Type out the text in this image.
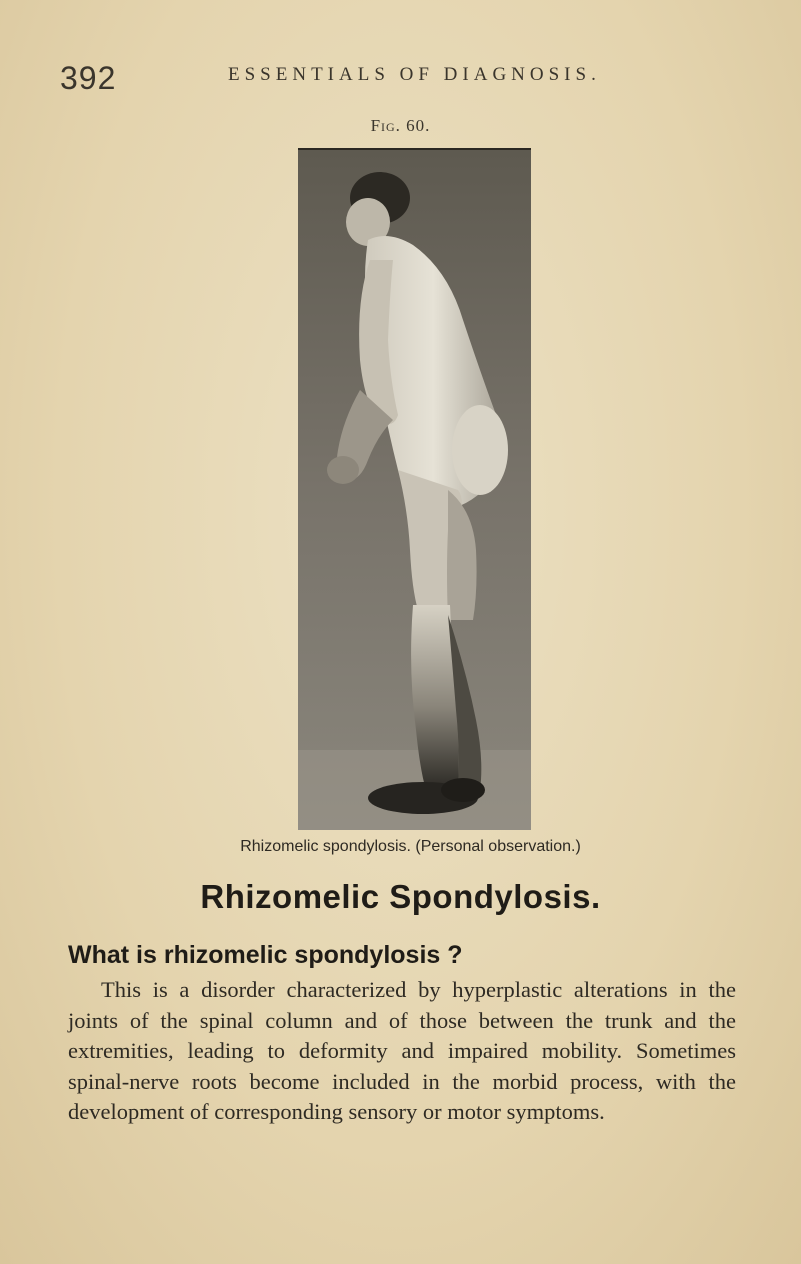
392	ESSENTIALS OF DIAGNOSIS.
Fig. 60.
Rhizomelic spondylosis. (Personal observation.)
Rhizomelic Spondylosis.
What is rhizomelic spondylosis ?
This is a disorder characterized by hyperplastic alterations in the joints of the spinal column and of those between the trunk and the extremities, leading to deformity and impaired mobility. Sometimes spinal-nerve roots become included in the morbid process, with the development of corresponding sensory or motor symptoms.
